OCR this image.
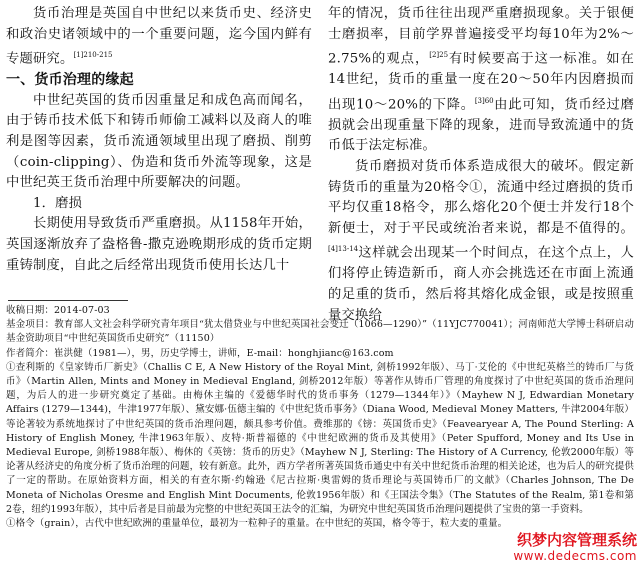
货币治理是英国自中世纪以来货币史、经济史和政治史诸领域中的一个重要问题，迄今国内鲜有专题研究。$^{[1]210-215}$

一、货币治理的缘起

中世纪英国的货币因重量足和成色高而闻名，由于铸币技术低下和铸币师偷工减料以及商人的唯利是图等因素，货币流通领域里出现了磨损、削剪（coin-clipping）、伪造和货币外流等现象，这是中世纪英王货币治理中所要解决的问题。

1．磨损

长期使用导致货币严重磨损。从1158年开始，英国逐渐放弃了盎格鲁-撒克逊晚期形成的货币定期重铸制度，自此之后经常出现货币使用长达几十

年的情况，货币往往出现严重磨损现象。关于银便士磨损率，目前学界普遍接受平均每10年为2%～2.75%的观点，$^{[2]25}$有时候要高于这一标准。如在14世纪，货币的重量一度在20～50年内因磨损而出现10～20%的下降。$^{[3]60}$由此可知，货币经过磨损就会出现重量下降的现象，进而导致流通中的货币低于法定标准。

货币磨损对货币体系造成很大的破坏。假定新铸货币的重量为20格令①，流通中经过磨损的货币平均仅重18格令，那么熔化20个便士并发行18个新便士，对于平民或统治者来说，都是不值得的。$^{[4]13-14}$这样就会出现某一个时间点，在这个点上，人们将停止铸造新币，商人亦会挑选还在市面上流通的足重的货币，然后将其熔化成金银，或是按照重量交换给

收稿日期：2014-07-03

基金项目：教育部人文社会科学研究青年项目“犹太借贷业与中世纪英国社会变迁（1066—1290）”（11YJC770041）；河南师范大学博士科研启动基金资助项目“中世纪英国货币史研究”（11150）

作者简介：崔洪健（1981—），男，历史学博士，讲师，E-mail：honghjianc@163.com

①查利斯的《皇家铸币厂新史》（Challis C E, A New History of the Royal Mint, 剑桥1992年版）、马丁·艾伦的《中世纪英格兰的铸币厂与货币》（Martin Allen, Mints and Money in Medieval England, 剑桥2012年版）等著作从铸币厂管理的角度探讨了中世纪英国的货币治理问题，为后人的进一步研究奠定了基础。由梅休主编的《爱德华时代的货币事务（1279—1344年）》（Mayhew N J, Edwardian Monetary Affairs (1279—1344)，牛津1977年版）、黛安娜·伍德主编的《中世纪货币事务》（Diana Wood, Medieval Money Matters, 牛津2004年版）等论著较为系统地探讨了中世纪英国的货币治理问题，颇具参考价值。费维那的《镑：英国货币史》（Feavearyear A, The Pound Sterling: A History of English Money, 牛津1963年版）、皮特·斯普福德的《中世纪欧洲的货币及其使用》（Peter Spufford, Money and Its Use in Medieval Europe, 剑桥1988年版）、梅休的《英镑：货币的历史》（Mayhew N J, Sterling: The History of A Currency, 伦敦2000年版）等论著从经济史的角度分析了货币治理的问题，较有新意。此外，西方学者所著英国货币通史中有关中世纪货币治理的相关论述，也为后人的研究提供了一定的帮助。在原始资料方面，相关的有查尔斯·约翰逊《尼古拉斯·奥雷姆的货币理论与英国铸币厂的文献》（Charles Johnson, The De Moneta of Nicholas Oresme and English Mint Documents, 伦敦1956年版）和《王国法令集》（The Statutes of the Realm, 第1卷和第2卷，纽约1993年版），其中后者是目前最为完整的中世纪英国王法令的汇编，为研究中世纪英国货币治理问题提供了宝贵的第一手资料。

①格令（grain），古代中世纪欧洲的重量单位，最初为一粒种子的重量。在中世纪的英国，格令等于，粒大麦的重量。

织梦内容管理系统
www.dedecms.com
